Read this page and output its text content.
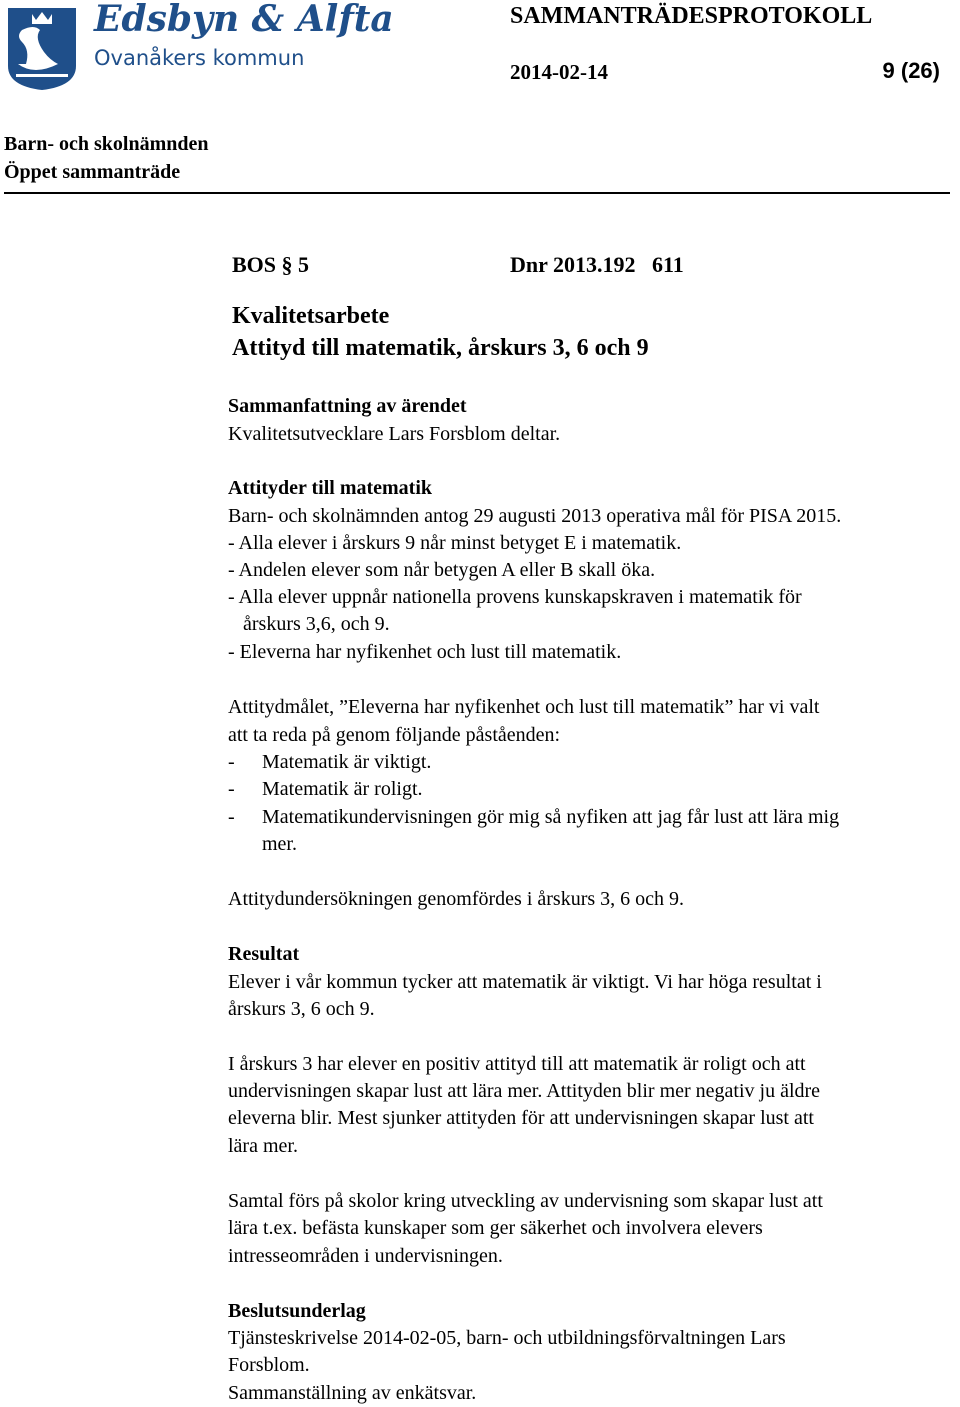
Edsbyn & Alfta
Ovanåkers kommun
SAMMANTRÄDESPROTOKOLL
2014-02-14	9 (26)
Barn- och skolnämnden
Öppet sammanträde
BOS § 5	Dnr 2013.192   611
Kvalitetsarbete
Attityd till matematik, årskurs 3, 6 och 9
Sammanfattning av ärendet
Kvalitetsutvecklare Lars Forsblom deltar.
Attityder till matematik
Barn- och skolnämnden antog 29 augusti 2013 operativa mål för PISA 2015.
- Alla elever i årskurs 9 når minst betyget E i matematik.
- Andelen elever som når betygen A eller B skall öka.
- Alla elever uppnår nationella provens kunskapskraven i matematik för
årskurs 3,6, och 9.
- Eleverna har nyfikenhet och lust till matematik.
Attitydmålet, ”Eleverna har nyfikenhet och lust till matematik” har vi valt
att ta reda på genom följande påståenden:
- Matematik är viktigt.
- Matematik är roligt.
- Matematikundervisningen gör mig så nyfiken att jag får lust att lära mig
mer.
Attitydundersökningen genomfördes i årskurs 3, 6 och 9.
Resultat
Elever i vår kommun tycker att matematik är viktigt. Vi har höga resultat i
årskurs 3, 6 och 9.
I årskurs 3 har elever en positiv attityd till att matematik är roligt och att
undervisningen skapar lust att lära mer. Attityden blir mer negativ ju äldre
eleverna blir. Mest sjunker attityden för att undervisningen skapar lust att
lära mer.
Samtal förs på skolor kring utveckling av undervisning som skapar lust att
lära t.ex. befästa kunskaper som ger säkerhet och involvera elevers
intresseområden i undervisningen.
Beslutsunderlag
Tjänsteskrivelse 2014-02-05, barn- och utbildningsförvaltningen Lars
Forsblom.
Sammanställning av enkätsvar.
